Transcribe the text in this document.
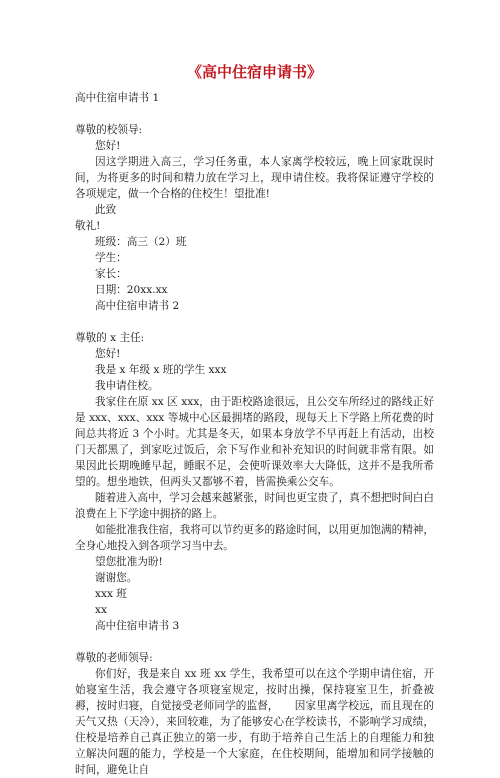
《高中住宿申请书》
高中住宿申请书 1
尊敬的校领导:
您好!
因这学期进入高三，学习任务重，本人家离学校较远，晚上回家耽误时间，为将更多的时间和精力放在学习上，现申请住校。我将保证遵守学校的各项规定，做一个合格的住校生！望批准!
此致
敬礼!
班级：高三（2）班
学生：
家长：
日期：20xx.xx
高中住宿申请书 2
尊敬的 x 主任:
您好!
我是 x 年级 x 班的学生 xxx
我申请住校。
我家住在原 xx 区 xxx，由于距校路途很远，且公交车所经过的路线正好是 xxx、xxx、xxx 等城中心区最拥堵的路段，现每天上下学路上所花费的时间总共将近 3 个小时。尤其是冬天，如果本身放学不早再赶上有活动，出校门天都黑了，到家吃过饭后，余下写作业和补充知识的时间就非常有限。如果因此长期晚睡早起，睡眠不足，会使听课效率大大降低，这并不是我所希望的。想坐地铁，但两头又都够不着，皆需换乘公交车。
随着进入高中，学习会越来越紧张，时间也更宝贵了，真不想把时间白白浪费在上下学途中拥挤的路上。
如能批准我住宿，我将可以节约更多的路途时间，以用更加饱满的精神，全身心地投入到各项学习当中去。
望您批准为盼!
谢谢您。
xxx 班
xx
高中住宿申请书 3
尊敬的老师领导:
你们好，我是来自 xx 班 xx 学生，我希望可以在这个学期申请住宿，开始寝室生活，我会遵守各项寝室规定，按时出操，保持寝室卫生，折叠被褥，按时归寝，自觉接受老师同学的监督，　　因家里离学校远，而且现在的天气又热（天冷），来回较难，为了能够安心在学校读书，不影响学习成绩，住校是培养自己真正独立的第一步，有助于培养自己生活上的自理能力和独立解决问题的能力，学校是一个大家庭，在住校期间，能增加和同学接触的时间，避免让自
